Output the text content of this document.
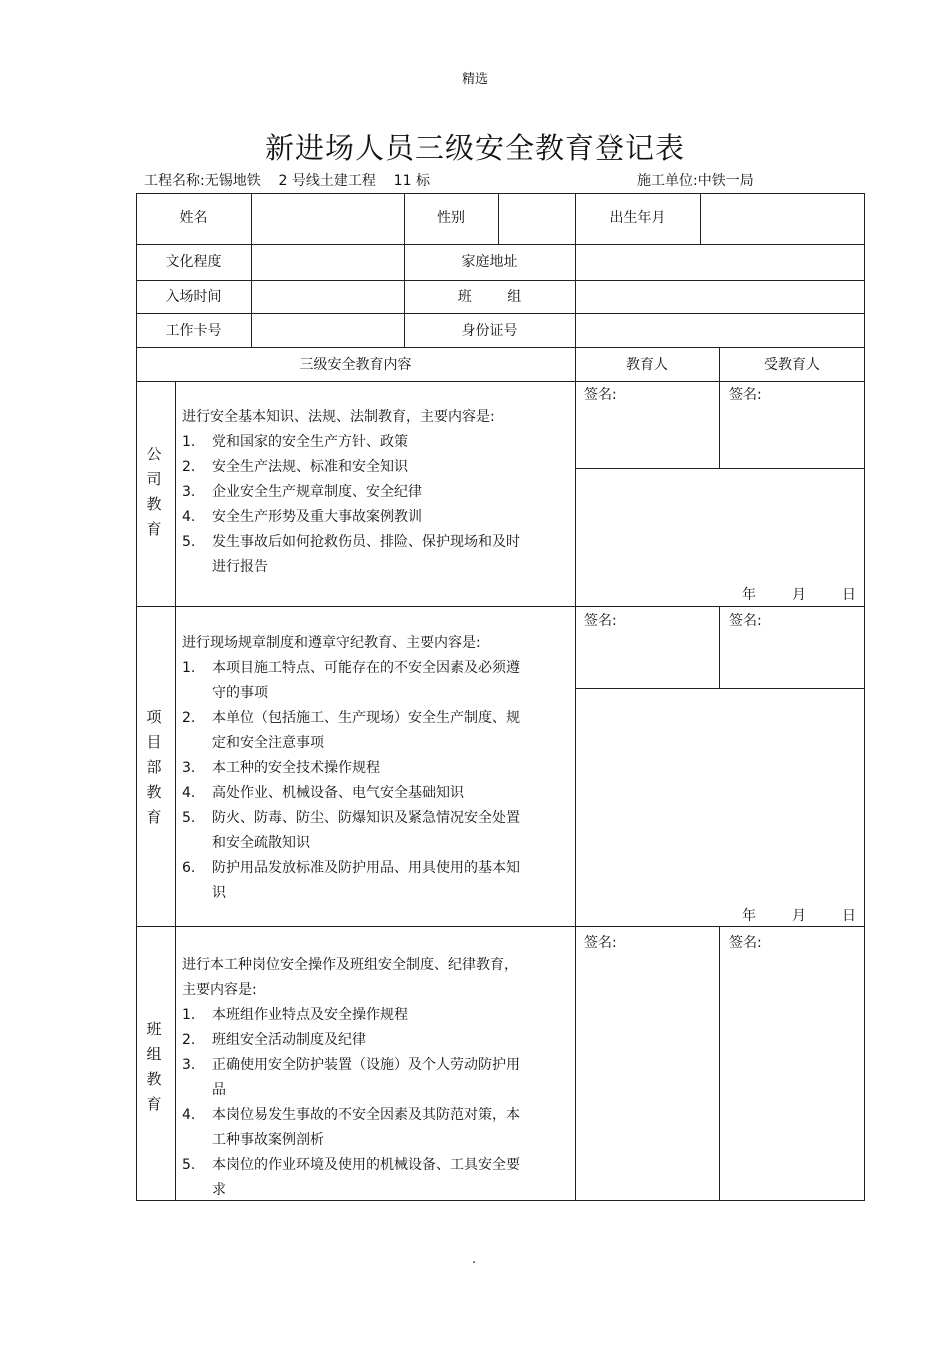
精选
新进场人员三级安全教育登记表
工程名称:无锡地铁    2 号线土建工程    11 标	施工单位:中铁一局
姓名	性别	出生年月
文化程度	家庭地址
入场时间	班        组
工作卡号	身份证号
三级安全教育内容	教育人	受教育人
公司教育
进行安全基本知识、法规、法制教育，主要内容是:
1.	党和国家的安全生产方针、政策
2.	安全生产法规、标准和安全知识
3.	企业安全生产规章制度、安全纪律
4.	安全生产形势及重大事故案例教训
5.	发生事故后如何抢救伤员、排险、保护现场和及时进行报告
签名:	签名:
年	月	日
项目部教育
进行现场规章制度和遵章守纪教育、主要内容是:
1.	本项目施工特点、可能存在的不安全因素及必须遵守的事项
2.	本单位（包括施工、生产现场）安全生产制度、规定和安全注意事项
3.	本工种的安全技术操作规程
4.	高处作业、机械设备、电气安全基础知识
5.	防火、防毒、防尘、防爆知识及紧急情况安全处置和安全疏散知识
6.	防护用品发放标准及防护用品、用具使用的基本知识
签名:	签名:
年	月	日
班组教育
进行本工种岗位安全操作及班组安全制度、纪律教育，主要内容是:
1.	本班组作业特点及安全操作规程
2.	班组安全活动制度及纪律
3.	正确使用安全防护装置（设施）及个人劳动防护用品
4.	本岗位易发生事故的不安全因素及其防范对策，本工种事故案例剖析
5.	本岗位的作业环境及使用的机械设备、工具安全要求
签名:	签名:
.
